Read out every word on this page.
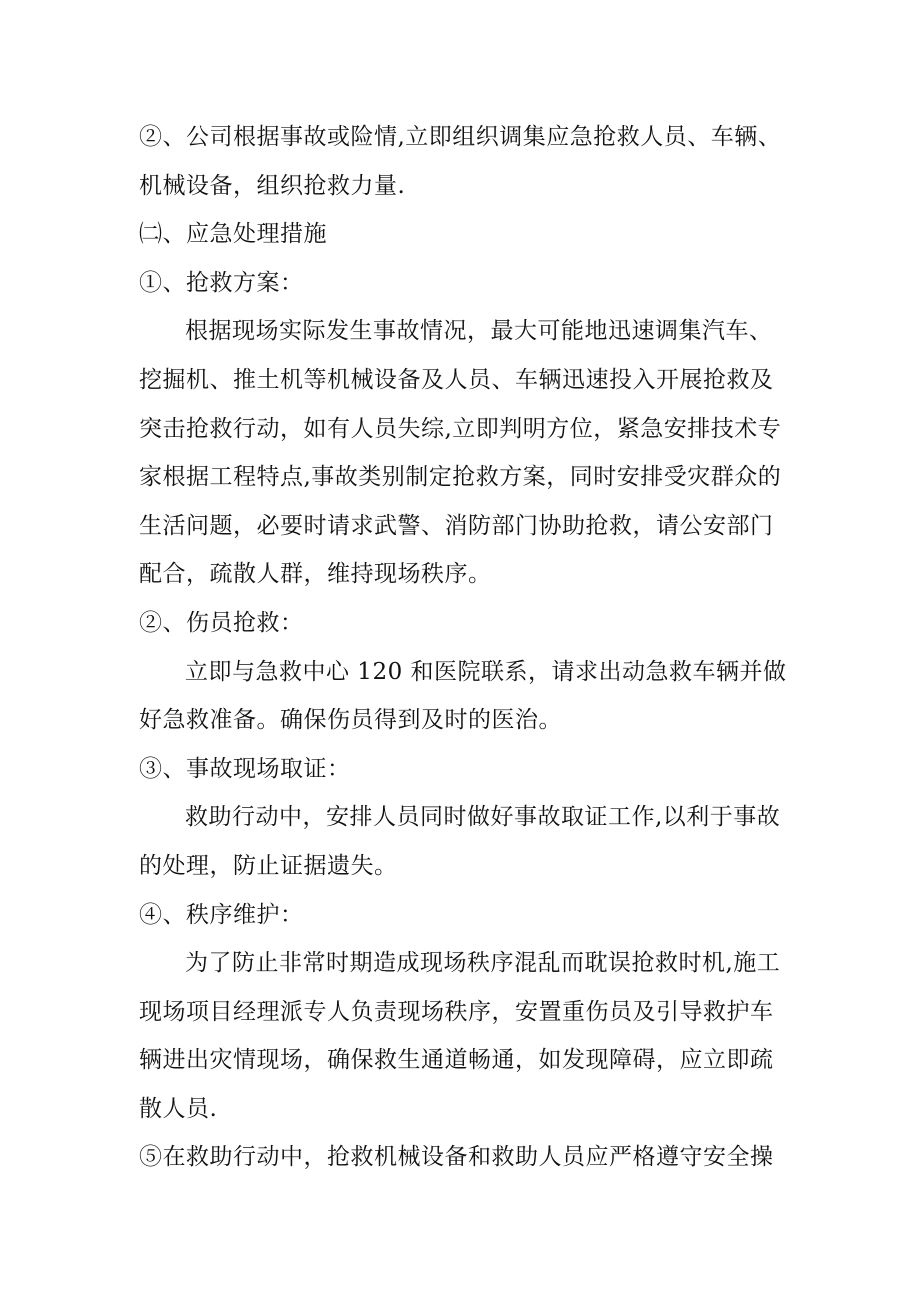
②、公司根据事故或险情,立即组织调集应急抢救人员、车辆、
机械设备，组织抢救力量.
㈡、应急处理措施
①、抢救方案：
根据现场实际发生事故情况，最大可能地迅速调集汽车、
挖掘机、推土机等机械设备及人员、车辆迅速投入开展抢救及
突击抢救行动，如有人员失综,立即判明方位，紧急安排技术专
家根据工程特点,事故类别制定抢救方案，同时安排受灾群众的
生活问题，必要时请求武警、消防部门协助抢救，请公安部门
配合，疏散人群，维持现场秩序。
②、伤员抢救：
立即与急救中心 120 和医院联系，请求出动急救车辆并做
好急救准备。确保伤员得到及时的医治。
③、事故现场取证：
救助行动中，安排人员同时做好事故取证工作,以利于事故
的处理，防止证据遗失。
④、秩序维护：
为了防止非常时期造成现场秩序混乱而耽误抢救时机,施工
现场项目经理派专人负责现场秩序，安置重伤员及引导救护车
辆进出灾情现场，确保救生通道畅通，如发现障碍，应立即疏
散人员.
⑤在救助行动中，抢救机械设备和救助人员应严格遵守安全操
